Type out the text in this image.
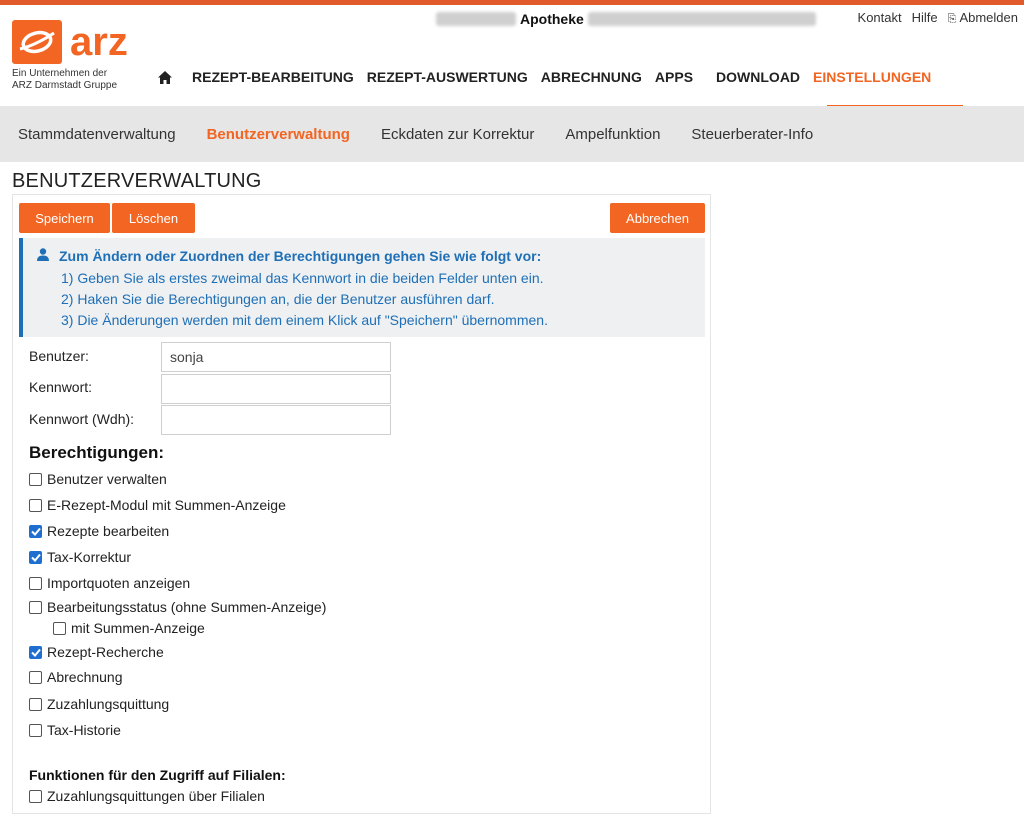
Apotheke	Kontakt Hilfe ⎘ Abmelden
arz
Ein Unternehmen der
ARZ Darmstadt Gruppe
REZEPT-BEARBEITUNG REZEPT-AUSWERTUNG ABRECHNUNG APPS DOWNLOAD EINSTELLUNGEN
Stammdatenverwaltung Benutzerverwaltung Eckdaten zur Korrektur Ampelfunktion Steuerberater-Info
BENUTZERVERWALTUNG
Speichern	Löschen	Abbrechen
Zum Ändern oder Zuordnen der Berechtigungen gehen Sie wie folgt vor:
1) Geben Sie als erstes zweimal das Kennwort in die beiden Felder unten ein.
2) Haken Sie die Berechtigungen an, die der Benutzer ausführen darf.
3) Die Änderungen werden mit dem einem Klick auf "Speichern" übernommen.
Benutzer:
sonja
Kennwort:
Kennwort (Wdh):
Berechtigungen:
Benutzer verwalten
E-Rezept-Modul mit Summen-Anzeige
Rezepte bearbeiten
Tax-Korrektur
Importquoten anzeigen
Bearbeitungsstatus (ohne Summen-Anzeige)
mit Summen-Anzeige
Rezept-Recherche
Abrechnung
Zuzahlungsquittung
Tax-Historie
Funktionen für den Zugriff auf Filialen:
Zuzahlungsquittungen über Filialen
